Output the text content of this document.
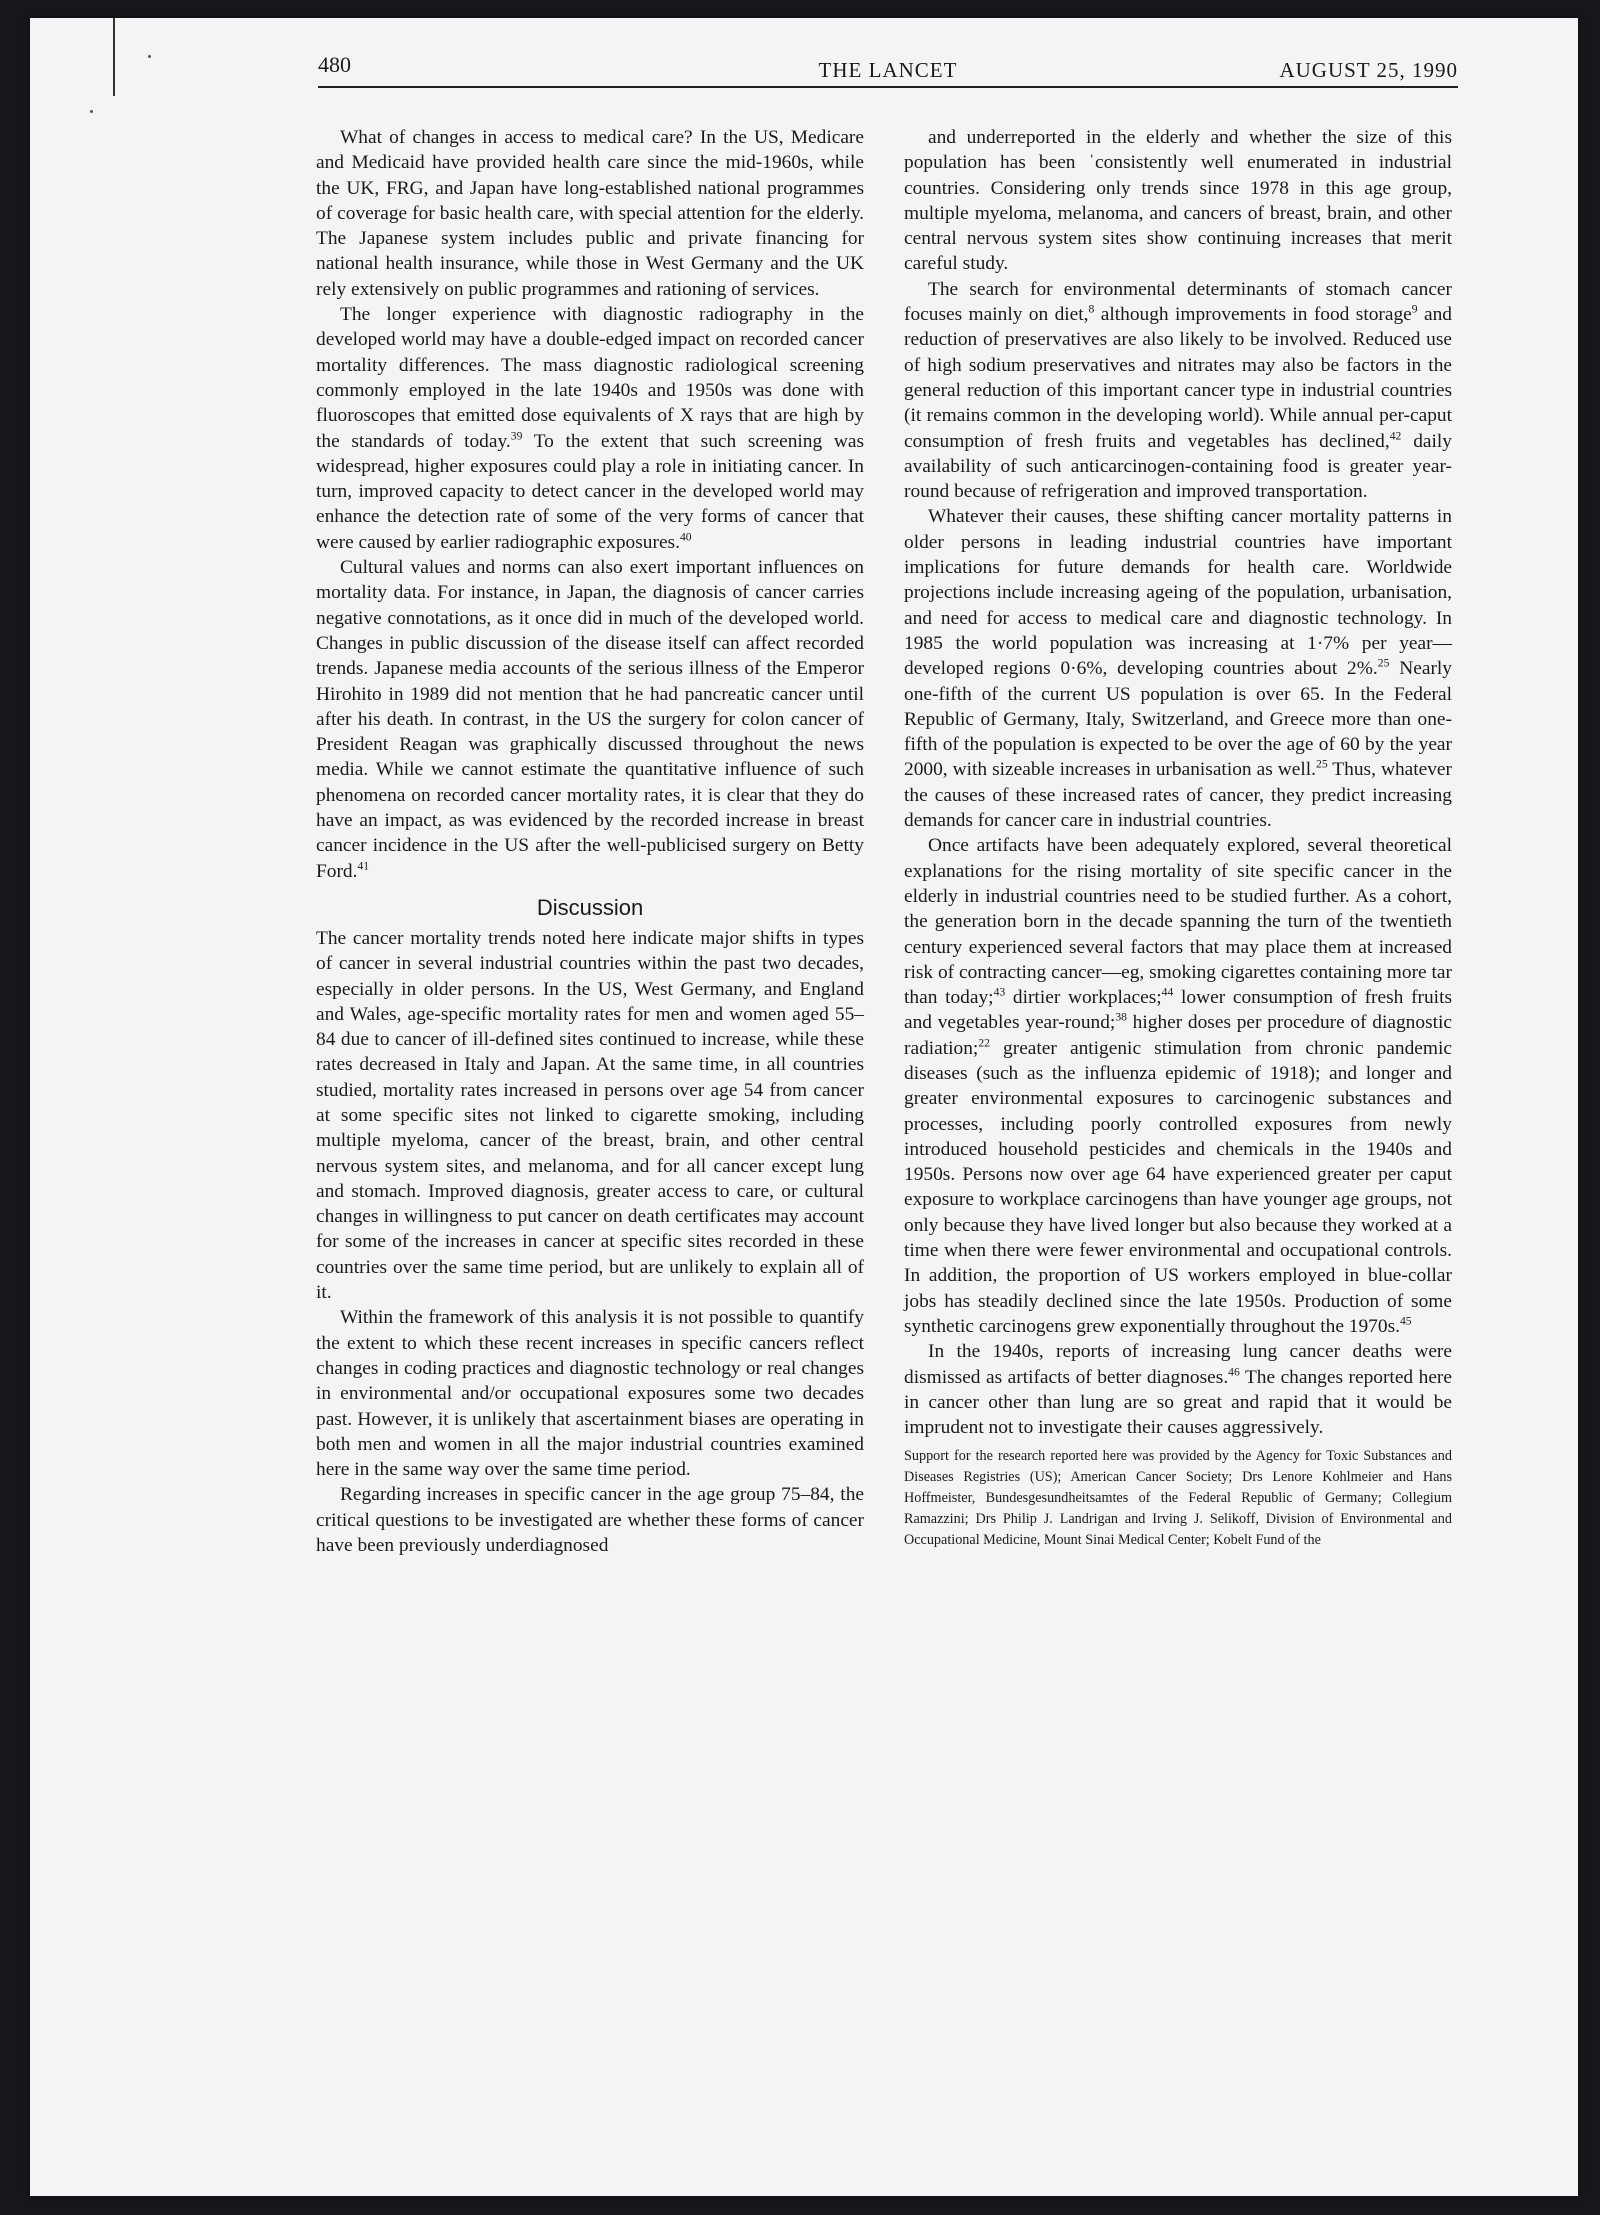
480	THE LANCET	AUGUST 25, 1990

What of changes in access to medical care? In the US, Medicare and Medicaid have provided health care since the mid-1960s, while the UK, FRG, and Japan have long-established national programmes of coverage for basic health care, with special attention for the elderly. The Japanese system includes public and private financing for national health insurance, while those in West Germany and the UK rely extensively on public programmes and rationing of services.

The longer experience with diagnostic radiography in the developed world may have a double-edged impact on recorded cancer mortality differences. The mass diagnostic radiological screening commonly employed in the late 1940s and 1950s was done with fluoroscopes that emitted dose equivalents of X rays that are high by the standards of today.$^{39}$ To the extent that such screening was widespread, higher exposures could play a role in initiating cancer. In turn, improved capacity to detect cancer in the developed world may enhance the detection rate of some of the very forms of cancer that were caused by earlier radiographic exposures.$^{40}$

Cultural values and norms can also exert important influences on mortality data. For instance, in Japan, the diagnosis of cancer carries negative connotations, as it once did in much of the developed world. Changes in public discussion of the disease itself can affect recorded trends. Japanese media accounts of the serious illness of the Emperor Hirohito in 1989 did not mention that he had pancreatic cancer until after his death. In contrast, in the US the surgery for colon cancer of President Reagan was graphically discussed throughout the news media. While we cannot estimate the quantitative influence of such phenomena on recorded cancer mortality rates, it is clear that they do have an impact, as was evidenced by the recorded increase in breast cancer incidence in the US after the well-publicised surgery on Betty Ford.$^{41}$

Discussion

The cancer mortality trends noted here indicate major shifts in types of cancer in several industrial countries within the past two decades, especially in older persons. In the US, West Germany, and England and Wales, age-specific mortality rates for men and women aged 55–84 due to cancer of ill-defined sites continued to increase, while these rates decreased in Italy and Japan. At the same time, in all countries studied, mortality rates increased in persons over age 54 from cancer at some specific sites not linked to cigarette smoking, including multiple myeloma, cancer of the breast, brain, and other central nervous system sites, and melanoma, and for all cancer except lung and stomach. Improved diagnosis, greater access to care, or cultural changes in willingness to put cancer on death certificates may account for some of the increases in cancer at specific sites recorded in these countries over the same time period, but are unlikely to explain all of it.

Within the framework of this analysis it is not possible to quantify the extent to which these recent increases in specific cancers reflect changes in coding practices and diagnostic technology or real changes in environmental and/or occupational exposures some two decades past. However, it is unlikely that ascertainment biases are operating in both men and women in all the major industrial countries examined here in the same way over the same time period.

Regarding increases in specific cancer in the age group 75–84, the critical questions to be investigated are whether these forms of cancer have been previously underdiagnosed

and underreported in the elderly and whether the size of this population has been ˈconsistently well enumerated in industrial countries. Considering only trends since 1978 in this age group, multiple myeloma, melanoma, and cancers of breast, brain, and other central nervous system sites show continuing increases that merit careful study.

The search for environmental determinants of stomach cancer focuses mainly on diet,$^8$ although improvements in food storage$^9$ and reduction of preservatives are also likely to be involved. Reduced use of high sodium preservatives and nitrates may also be factors in the general reduction of this important cancer type in industrial countries (it remains common in the developing world). While annual per-caput consumption of fresh fruits and vegetables has declined,$^{42}$ daily availability of such anticarcinogen-containing food is greater year-round because of refrigeration and improved transportation.

Whatever their causes, these shifting cancer mortality patterns in older persons in leading industrial countries have important implications for future demands for health care. Worldwide projections include increasing ageing of the population, urbanisation, and need for access to medical care and diagnostic technology. In 1985 the world population was increasing at 1·7% per year—developed regions 0·6%, developing countries about 2%.$^{25}$ Nearly one-fifth of the current US population is over 65. In the Federal Republic of Germany, Italy, Switzerland, and Greece more than one-fifth of the population is expected to be over the age of 60 by the year 2000, with sizeable increases in urbanisation as well.$^{25}$ Thus, whatever the causes of these increased rates of cancer, they predict increasing demands for cancer care in industrial countries.

Once artifacts have been adequately explored, several theoretical explanations for the rising mortality of site specific cancer in the elderly in industrial countries need to be studied further. As a cohort, the generation born in the decade spanning the turn of the twentieth century experienced several factors that may place them at increased risk of contracting cancer—eg, smoking cigarettes containing more tar than today;$^{43}$ dirtier workplaces;$^{44}$ lower consumption of fresh fruits and vegetables year-round;$^{38}$ higher doses per procedure of diagnostic radiation;$^{22}$ greater antigenic stimulation from chronic pandemic diseases (such as the influenza epidemic of 1918); and longer and greater environmental exposures to carcinogenic substances and processes, including poorly controlled exposures from newly introduced household pesticides and chemicals in the 1940s and 1950s. Persons now over age 64 have experienced greater per caput exposure to workplace carcinogens than have younger age groups, not only because they have lived longer but also because they worked at a time when there were fewer environmental and occupational controls. In addition, the proportion of US workers employed in blue-collar jobs has steadily declined since the late 1950s. Production of some synthetic carcinogens grew exponentially throughout the 1970s.$^{45}$

In the 1940s, reports of increasing lung cancer deaths were dismissed as artifacts of better diagnoses.$^{46}$ The changes reported here in cancer other than lung are so great and rapid that it would be imprudent not to investigate their causes aggressively.

Support for the research reported here was provided by the Agency for Toxic Substances and Diseases Registries (US); American Cancer Society; Drs Lenore Kohlmeier and Hans Hoffmeister, Bundesgesundheitsamtes of the Federal Republic of Germany; Collegium Ramazzini; Drs Philip J. Landrigan and Irving J. Selikoff, Division of Environmental and Occupational Medicine, Mount Sinai Medical Center; Kobelt Fund of the
